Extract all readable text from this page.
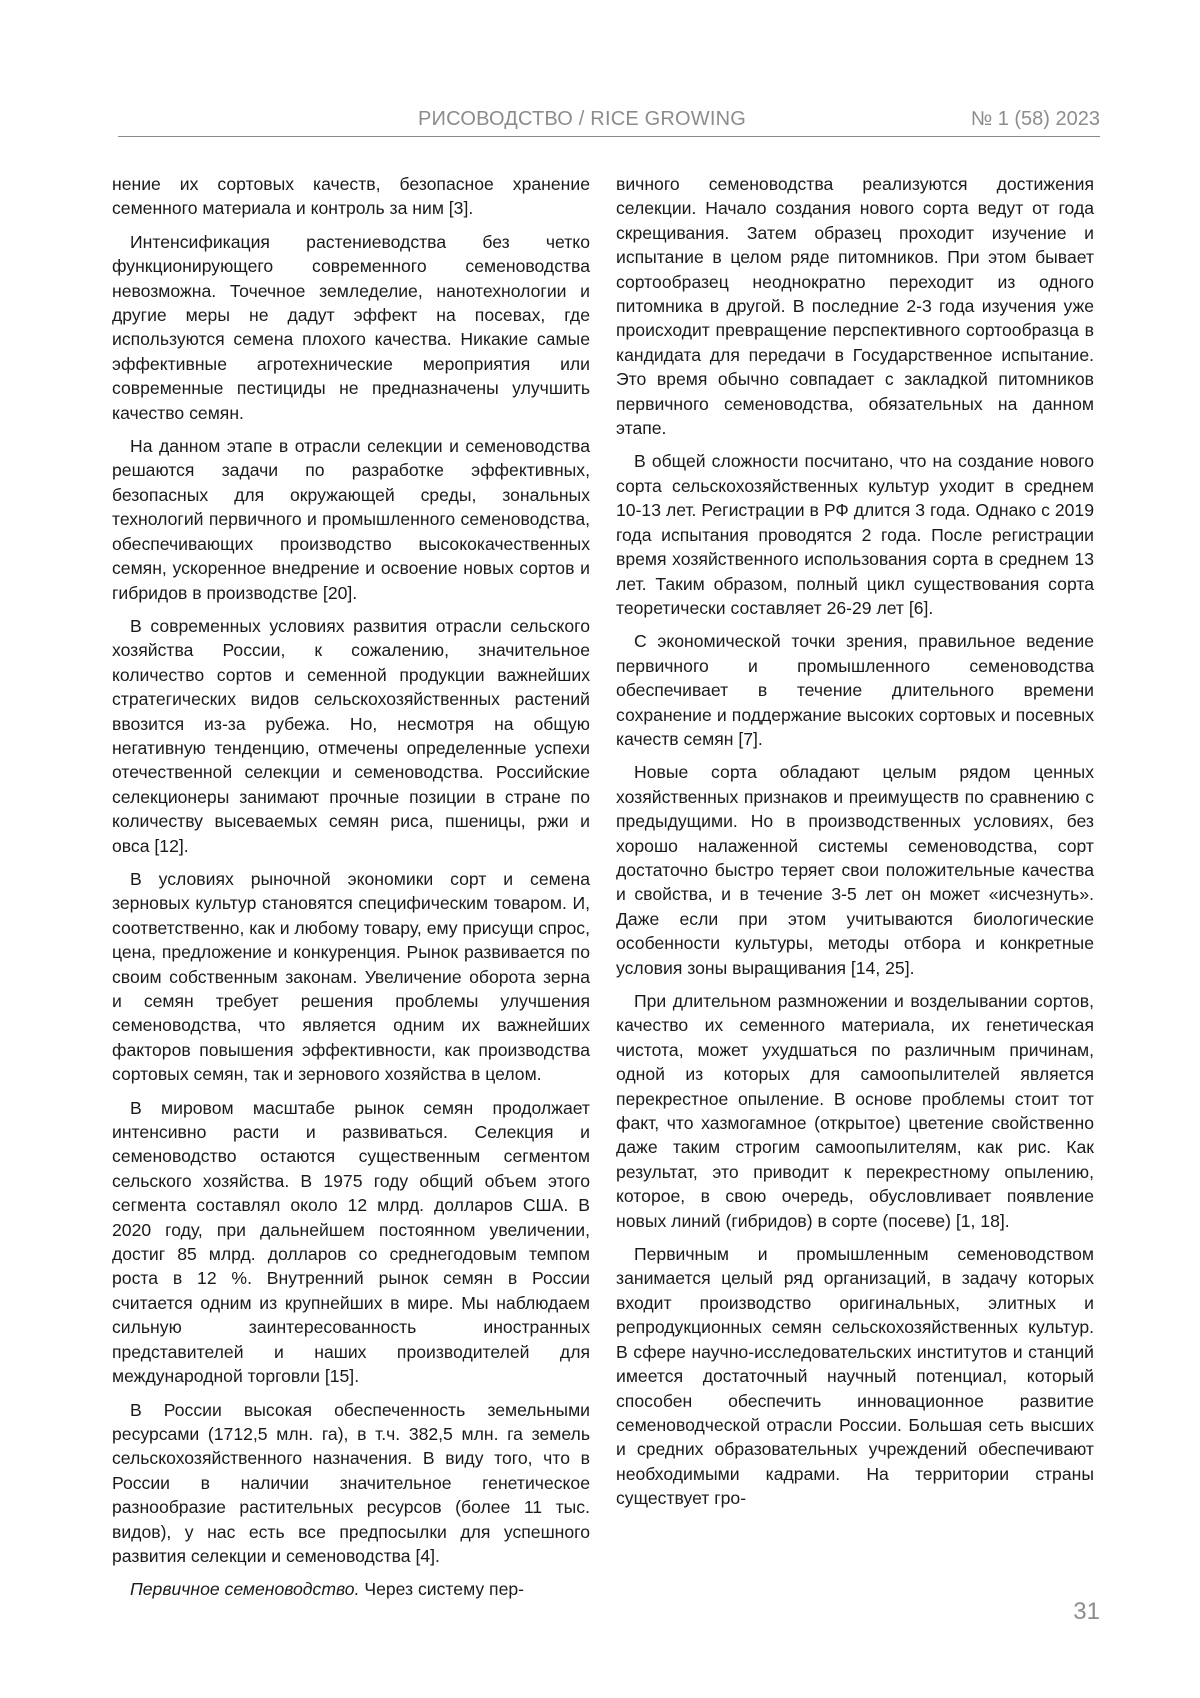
РИСОВОДСТВО / RICE GROWING	№ 1 (58) 2023

нение их сортовых качеств, безопасное хранение семенного материала и контроль за ним [3].

Интенсификация растениеводства без четко функционирующего современного семеноводства невозможна. Точечное земледелие, нанотехнологии и другие меры не дадут эффект на посевах, где используются семена плохого качества. Никакие самые эффективные агротехнические мероприятия или современные пестициды не предназначены улучшить качество семян.

На данном этапе в отрасли селекции и семеноводства решаются задачи по разработке эффективных, безопасных для окружающей среды, зональных технологий первичного и промышленного семеноводства, обеспечивающих производство высококачественных семян, ускоренное внедрение и освоение новых сортов и гибридов в производстве [20].

В современных условиях развития отрасли сельского хозяйства России, к сожалению, значительное количество сортов и семенной продукции важнейших стратегических видов сельскохозяйственных растений ввозится из-за рубежа. Но, несмотря на общую негативную тенденцию, отмечены определенные успехи отечественной селекции и семеноводства. Российские селекционеры занимают прочные позиции в стране по количеству высеваемых семян риса, пшеницы, ржи и овса [12].

В условиях рыночной экономики сорт и семена зерновых культур становятся специфическим товаром. И, соответственно, как и любому товару, ему присущи спрос, цена, предложение и конкуренция. Рынок развивается по своим собственным законам. Увеличение оборота зерна и семян требует решения проблемы улучшения семеноводства, что является одним их важнейших факторов повышения эффективности, как производства сортовых семян, так и зернового хозяйства в целом.

В мировом масштабе рынок семян продолжает интенсивно расти и развиваться. Селекция и семеноводство остаются существенным сегментом сельского хозяйства. В 1975 году общий объем этого сегмента составлял около 12 млрд. долларов США. В 2020 году, при дальнейшем постоянном увеличении, достиг 85 млрд. долларов со среднегодовым темпом роста в 12 %. Внутренний рынок семян в России считается одним из крупнейших в мире. Мы наблюдаем сильную заинтересованность иностранных представителей и наших производителей для международной торговли [15].

В России высокая обеспеченность земельными ресурсами (1712,5 млн. га), в т.ч. 382,5 млн. га земель сельскохозяйственного назначения. В виду того, что в России в наличии значительное генетическое разнообразие растительных ресурсов (более 11 тыс. видов), у нас есть все предпосылки для успешного развития селекции и семеноводства [4].

Первичное семеноводство. Через систему пер-

вичного семеноводства реализуются достижения селекции. Начало создания нового сорта ведут от года скрещивания. Затем образец проходит изучение и испытание в целом ряде питомников. При этом бывает сортообразец неоднократно переходит из одного питомника в другой. В последние 2-3 года изучения уже происходит превращение перспективного сортообразца в кандидата для передачи в Государственное испытание. Это время обычно совпадает с закладкой питомников первичного семеноводства, обязательных на данном этапе.

В общей сложности посчитано, что на создание нового сорта сельскохозяйственных культур уходит в среднем 10-13 лет. Регистрации в РФ длится 3 года. Однако с 2019 года испытания проводятся 2 года. После регистрации время хозяйственного использования сорта в среднем 13 лет. Таким образом, полный цикл существования сорта теоретически составляет 26-29 лет [6].

С экономической точки зрения, правильное ведение первичного и промышленного семеноводства обеспечивает в течение длительного времени сохранение и поддержание высоких сортовых и посевных качеств семян [7].

Новые сорта обладают целым рядом ценных хозяйственных признаков и преимуществ по сравнению с предыдущими. Но в производственных условиях, без хорошо налаженной системы семеноводства, сорт достаточно быстро теряет свои положительные качества и свойства, и в течение 3-5 лет он может «исчезнуть». Даже если при этом учитываются биологические особенности культуры, методы отбора и конкретные условия зоны выращивания [14, 25].

При длительном размножении и возделывании сортов, качество их семенного материала, их генетическая чистота, может ухудшаться по различным причинам, одной из которых для самоопылителей является перекрестное опыление. В основе проблемы стоит тот факт, что хазмогамное (открытое) цветение свойственно даже таким строгим самоопылителям, как рис. Как результат, это приводит к перекрестному опылению, которое, в свою очередь, обусловливает появление новых линий (гибридов) в сорте (посеве) [1, 18].

Первичным и промышленным семеноводством занимается целый ряд организаций, в задачу которых входит производство оригинальных, элитных и репродукционных семян сельскохозяйственных культур. В сфере научно-исследовательских институтов и станций имеется достаточный научный потенциал, который способен обеспечить инновационное развитие семеноводческой отрасли России. Большая сеть высших и средних образовательных учреждений обеспечивают необходимыми кадрами. На территории страны существует гро-

31
